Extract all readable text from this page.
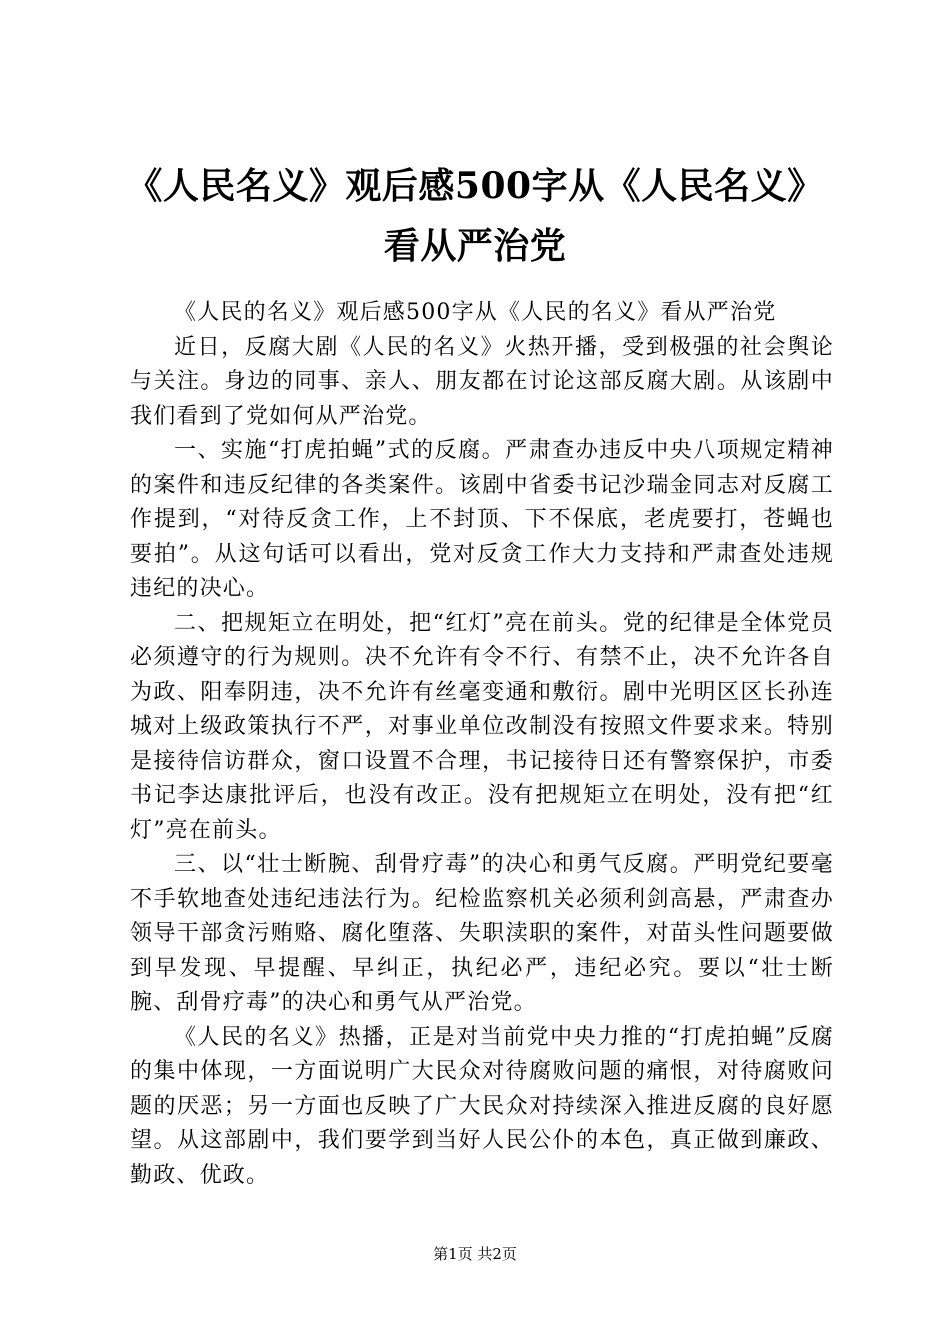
《人民名义》观后感500字从《人民名义》看从严治党

《人民的名义》观后感500字从《人民的名义》看从严治党

近日，反腐大剧《人民的名义》火热开播，受到极强的社会舆论与关注。身边的同事、亲人、朋友都在讨论这部反腐大剧。从该剧中我们看到了党如何从严治党。

一、实施“打虎拍蝇”式的反腐。严肃查办违反中央八项规定精神的案件和违反纪律的各类案件。该剧中省委书记沙瑞金同志对反腐工作提到，“对待反贪工作，上不封顶、下不保底，老虎要打，苍蝇也要拍”。从这句话可以看出，党对反贪工作大力支持和严肃查处违规违纪的决心。

二、把规矩立在明处，把“红灯”亮在前头。党的纪律是全体党员必须遵守的行为规则。决不允许有令不行、有禁不止，决不允许各自为政、阳奉阴违，决不允许有丝毫变通和敷衍。剧中光明区区长孙连城对上级政策执行不严，对事业单位改制没有按照文件要求来。特别是接待信访群众，窗口设置不合理，书记接待日还有警察保护，市委书记李达康批评后，也没有改正。没有把规矩立在明处，没有把“红灯”亮在前头。

三、以“壮士断腕、刮骨疗毒”的决心和勇气反腐。严明党纪要毫不手软地查处违纪违法行为。纪检监察机关必须利剑高悬，严肃查办领导干部贪污贿赂、腐化堕落、失职渎职的案件，对苗头性问题要做到早发现、早提醒、早纠正，执纪必严，违纪必究。要以“壮士断腕、刮骨疗毒”的决心和勇气从严治党。

《人民的名义》热播，正是对当前党中央力推的“打虎拍蝇”反腐的集中体现，一方面说明广大民众对待腐败问题的痛恨，对待腐败问题的厌恶；另一方面也反映了广大民众对持续深入推进反腐的良好愿望。从这部剧中，我们要学到当好人民公仆的本色，真正做到廉政、勤政、优政。

第1页 共2页
